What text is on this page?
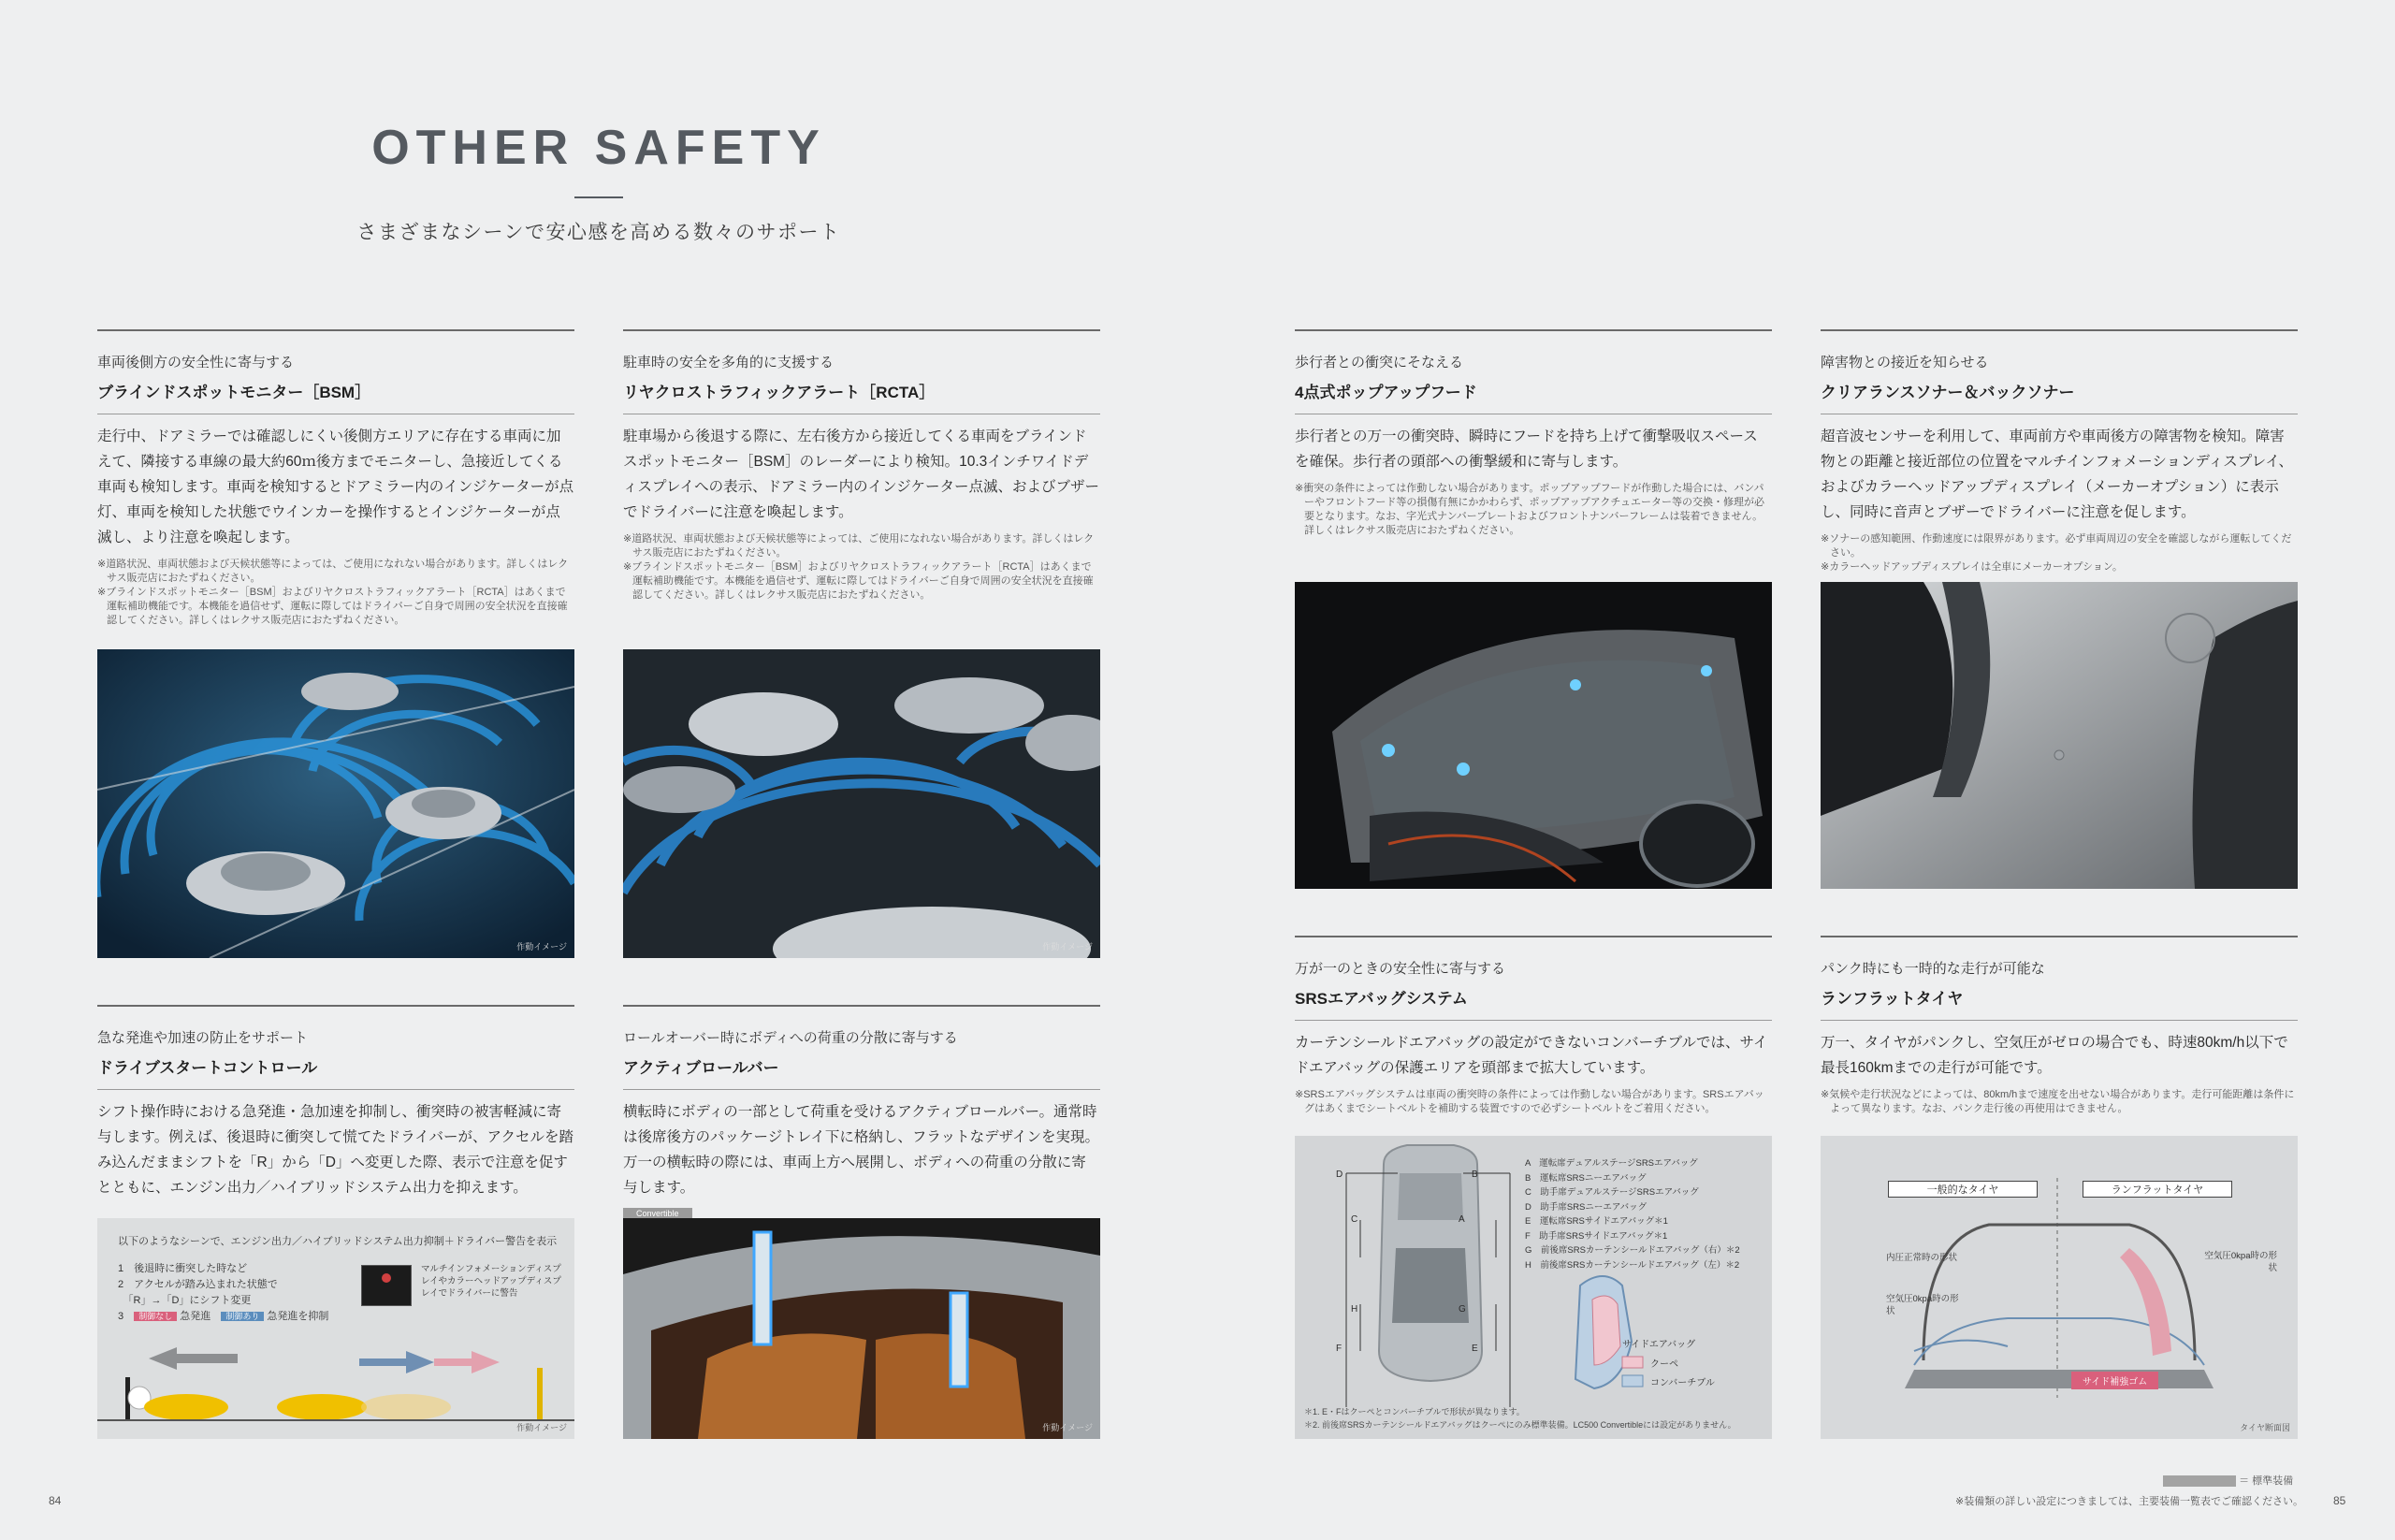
OTHER SAFETY
さまざまなシーンで安心感を高める数々のサポート
車両後側方の安全性に寄与する
ブラインドスポットモニター［BSM］
走行中、ドアミラーでは確認しにくい後側方エリアに存在する車両に加えて、隣接する車線の最大約60ｍ後方までモニターし、急接近してくる車両も検知します。車両を検知するとドアミラー内のインジケーターが点灯、車両を検知した状態でウインカーを操作するとインジケーターが点滅し、より注意を喚起します。
※道路状況、車両状態および天候状態等によっては、ご使用になれない場合があります。詳しくはレクサス販売店におたずねください。
※ブラインドスポットモニター［BSM］およびリヤクロストラフィックアラート［RCTA］はあくまで運転補助機能です。本機能を過信せず、運転に際してはドライバーご自身で周囲の安全状況を直接確認してください。詳しくはレクサス販売店におたずねください。
作動イメージ
駐車時の安全を多角的に支援する
リヤクロストラフィックアラート［RCTA］
駐車場から後退する際に、左右後方から接近してくる車両をブラインドスポットモニター［BSM］のレーダーにより検知。10.3インチワイドディスプレイへの表示、ドアミラー内のインジケーター点滅、およびブザーでドライバーに注意を喚起します。
※道路状況、車両状態および天候状態等によっては、ご使用になれない場合があります。詳しくはレクサス販売店におたずねください。
※ブラインドスポットモニター［BSM］およびリヤクロストラフィックアラート［RCTA］はあくまで運転補助機能です。本機能を過信せず、運転に際してはドライバーご自身で周囲の安全状況を直接確認してください。詳しくはレクサス販売店におたずねください。
作動イメージ
歩行者との衝突にそなえる
4点式ポップアップフード
歩行者との万一の衝突時、瞬時にフードを持ち上げて衝撃吸収スペースを確保。歩行者の頭部への衝撃緩和に寄与します。
※衝突の条件によっては作動しない場合があります。ポップアップフードが作動した場合には、バンパーやフロントフード等の損傷有無にかかわらず、ポップアップアクチュエーター等の交換・修理が必要となります。なお、字光式ナンバープレートおよびフロントナンバーフレームは装着できません。詳しくはレクサス販売店におたずねください。
障害物との接近を知らせる
クリアランスソナー＆バックソナー
超音波センサーを利用して、車両前方や車両後方の障害物を検知。障害物との距離と接近部位の位置をマルチインフォメーションディスプレイ、およびカラーヘッドアップディスプレイ（メーカーオプション）に表示し、同時に音声とブザーでドライバーに注意を促します。
※ソナーの感知範囲、作動速度には限界があります。必ず車両周辺の安全を確認しながら運転してください。
※カラーヘッドアップディスプレイは全車にメーカーオプション。
急な発進や加速の防止をサポート
ドライブスタートコントロール
シフト操作時における急発進・急加速を抑制し、衝突時の被害軽減に寄与します。例えば、後退時に衝突して慌てたドライバーが、アクセルを踏み込んだままシフトを「R」から「D」へ変更した際、表示で注意を促すとともに、エンジン出力／ハイブリッドシステム出力を抑えます。
以下のようなシーンで、エンジン出力／ハイブリッドシステム出力抑制＋ドライバー警告を表示
1　後退時に衝突した時など
2　アクセルが踏み込まれた状態で
　「R」→「D」にシフト変更
3 制御なし 急発進 制御あり 急発進を抑制
マルチインフォメーションディスプレイやカラーヘッドアップディスプレイでドライバーに警告
作動イメージ
ロールオーバー時にボディへの荷重の分散に寄与する
アクティブロールバー
横転時にボディの一部として荷重を受けるアクティブロールバー。通常時は後席後方のパッケージトレイ下に格納し、フラットなデザインを実現。万一の横転時の際には、車両上方へ展開し、ボディへの荷重の分散に寄与します。
Convertible
作動イメージ
万が一のときの安全性に寄与する
SRSエアバッグシステム
カーテンシールドエアバッグの設定ができないコンバーチブルでは、サイドエアバッグの保護エリアを頭部まで拡大しています。
※SRSエアバッグシステムは車両の衝突時の条件によっては作動しない場合があります。SRSエアバッグはあくまでシートベルトを補助する装置ですので必ずシートベルトをご着用ください。
D	B
C	A
H	G
F	E
A　運転席デュアルステージSRSエアバッグ
B　運転席SRSニーエアバッグ
C　助手席デュアルステージSRSエアバッグ
D　助手席SRSニーエアバッグ
E　運転席SRSサイドエアバッグ＊1
F　助手席SRSサイドエアバッグ＊1
G　前後席SRSカーテンシールドエアバッグ（右）＊2
H　前後席SRSカーテンシールドエアバッグ（左）＊2
サイドエアバッグ
クーペ
コンバーチブル
＊1. E・Fはクーペとコンバーチブルで形状が異なります。
＊2. 前後席SRSカーテンシールドエアバッグはクーペにのみ標準装備。LC500 Convertibleには設定がありません。
パンク時にも一時的な走行が可能な
ランフラットタイヤ
万一、タイヤがパンクし、空気圧がゼロの場合でも、時速80km/h以下で最長160kmまでの走行が可能です。
※気候や走行状況などによっては、80km/hまで速度を出せない場合があります。走行可能距離は条件によって異なります。なお、パンク走行後の再使用はできません。
一般的なタイヤ	ランフラットタイヤ
内圧正常時の形状
空気圧0kpa時の形状
空気圧0kpa時の形状
サイド補強ゴム
タイヤ断面図
84	85
＝ 標準装備
※装備類の詳しい設定につきましては、主要装備一覧表でご確認ください。
